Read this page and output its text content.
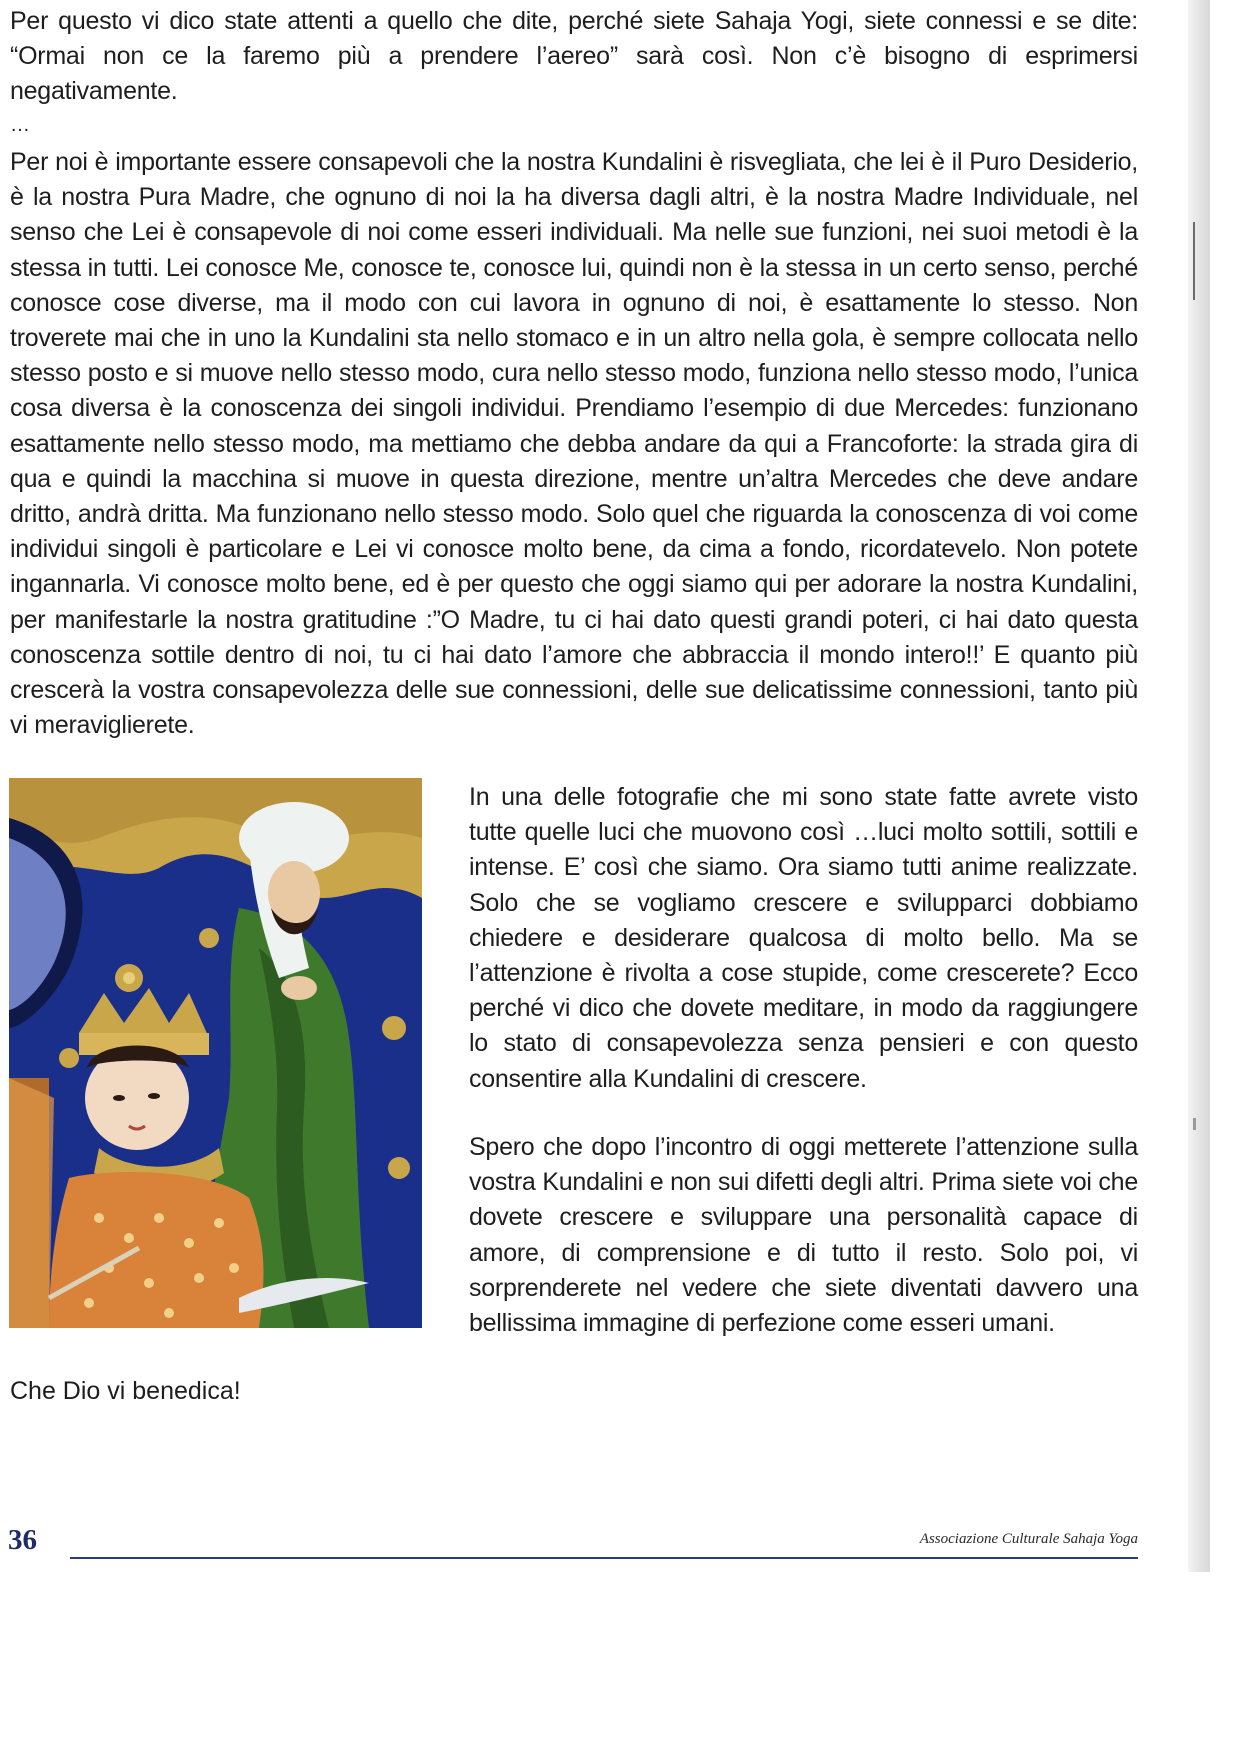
Per questo vi dico state attenti a quello che dite, perché siete Sahaja Yogi, siete connessi e se dite: “Ormai non ce la faremo più a prendere l’aereo” sarà così. Non c’è bisogno di esprimersi negativamente.

…

Per noi è importante essere consapevoli che la nostra Kundalini è risvegliata, che lei è il Puro Desiderio, è la nostra Pura Madre, che ognuno di noi la ha diversa dagli altri, è la nostra Madre Individuale, nel senso che Lei è consapevole di noi come esseri individuali. Ma nelle sue funzioni, nei suoi metodi è la stessa in tutti. Lei conosce Me, conosce te, conosce lui, quindi non è la stessa in un certo senso, perché conosce cose diverse, ma il modo con cui lavora in ognuno di noi, è esattamente lo stesso. Non troverete mai che in uno la Kundalini sta nello stomaco e in un altro nella gola, è sempre collocata nello stesso posto e si muove nello stesso modo, cura nello stesso modo, funziona nello stesso modo, l’unica cosa diversa è la conoscenza dei singoli individui. Prendiamo l’esempio di due Mercedes: funzionano esattamente nello stesso modo, ma mettiamo che debba andare da qui a Francoforte: la strada gira di qua e quindi la macchina si muove in questa direzione, mentre un’altra Mercedes che deve andare dritto, andrà dritta. Ma funzionano nello stesso modo. Solo quel che riguarda la conoscenza di voi come individui singoli è particolare e Lei vi conosce molto bene, da cima a fondo, ricordatevelo. Non potete ingannarla. Vi conosce molto bene, ed è per questo che oggi siamo qui per adorare la nostra Kundalini, per manifestarle la nostra gratitudine :”O Madre, tu ci hai dato questi grandi poteri, ci hai dato questa conoscenza sottile dentro di noi, tu ci hai dato l’amore che abbraccia il mondo intero!!’ E quanto più crescerà la vostra consapevolezza delle sue connessioni, delle sue delicatissime connessioni, tanto più vi meraviglierete.

In una delle fotografie che mi sono state fatte avrete visto tutte quelle luci che muovono così …luci molto sottili, sottili e intense. E’ così che siamo. Ora siamo tutti anime realizzate. Solo che se vogliamo crescere e svilupparci dobbiamo chiedere e desiderare qualcosa di molto bello. Ma se l’attenzione è rivolta a cose stupide, come crescerete? Ecco perché vi dico che dovete meditare, in modo da raggiungere lo stato di consapevolezza senza pensieri e con questo consentire alla Kundalini di crescere.

Spero che dopo l’incontro di oggi metterete l’attenzione sulla vostra Kundalini e non sui difetti degli altri. Prima siete voi che dovete crescere e sviluppare una personalità capace di amore, di comprensione e di tutto il resto. Solo poi, vi sorprenderete nel vedere che siete diventati davvero una bellissima immagine di perfezione come esseri umani.

Che Dio vi benedica!

36	Associazione Culturale Sahaja Yoga
